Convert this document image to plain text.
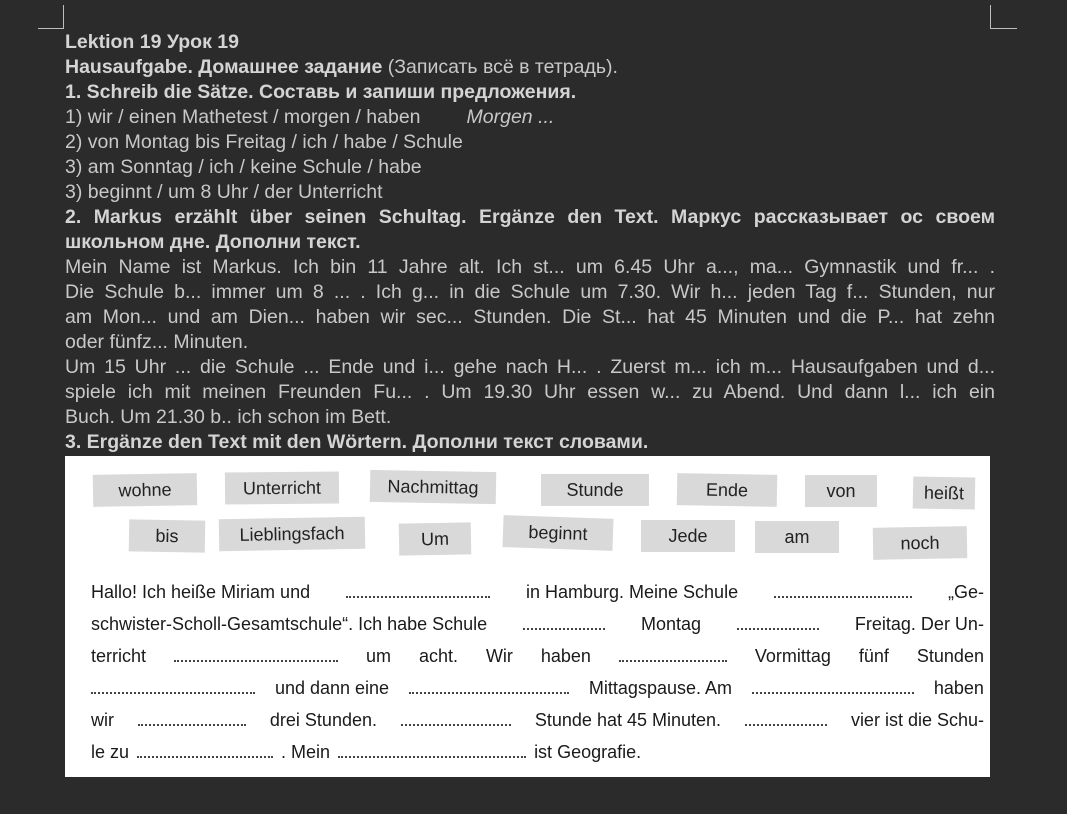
Lektion 19 Урок 19
Hausaufgabe. Домашнее задание (Записать всё в тетрадь).
1. Schreib die Sätze. Составь и запиши предложения.
1) wir / einen Mathetest / morgen / haben Morgen ...
2) von Montag bis Freitag / ich / habe / Schule
3) am Sonntag / ich / keine Schule / habe
3) beginnt / um 8 Uhr / der Unterricht
2. Markus erzählt über seinen Schultag. Ergänze den Text. Маркус рассказывает ос своем
школьном дне. Дополни текст.
Mein Name ist Markus. Ich bin 11 Jahre alt. Ich st... um 6.45 Uhr a..., ma... Gymnastik und fr... .
Die Schule b... immer um 8 ... . Ich g... in die Schule um 7.30. Wir h... jeden Tag f... Stunden, nur
am Mon... und am Dien... haben wir sec... Stunden. Die St... hat 45 Minuten und die P... hat zehn
oder fünfz... Minuten.
Um 15 Uhr ... die Schule ... Ende und i... gehe nach H... . Zuerst m... ich m... Hausaufgaben und d...
spiele ich mit meinen Freunden Fu... . Um 19.30 Uhr essen w... zu Abend. Und dann l... ich ein
Buch. Um 21.30 b.. ich schon im Bett.
3. Ergänze den Text mit den Wörtern. Дополни текст словами.
wohne	Unterricht	Nachmittag	Stunde	Ende	von	heißt
bis	Lieblingsfach	Um	beginnt	Jede	am	noch
Hallo! Ich heiße Miriam und	in Hamburg. Meine Schule	„Ge-
schwister-Scholl-Gesamtschule“. Ich habe Schule	Montag	Freitag. Der Un-
terricht	um acht. Wir haben	Vormittag fünf Stunden
und dann eine	Mittagspause. Am	haben
wir	drei Stunden.	Stunde hat 45 Minuten.	vier ist die Schu-
le zu	. Mein	ist Geografie.
